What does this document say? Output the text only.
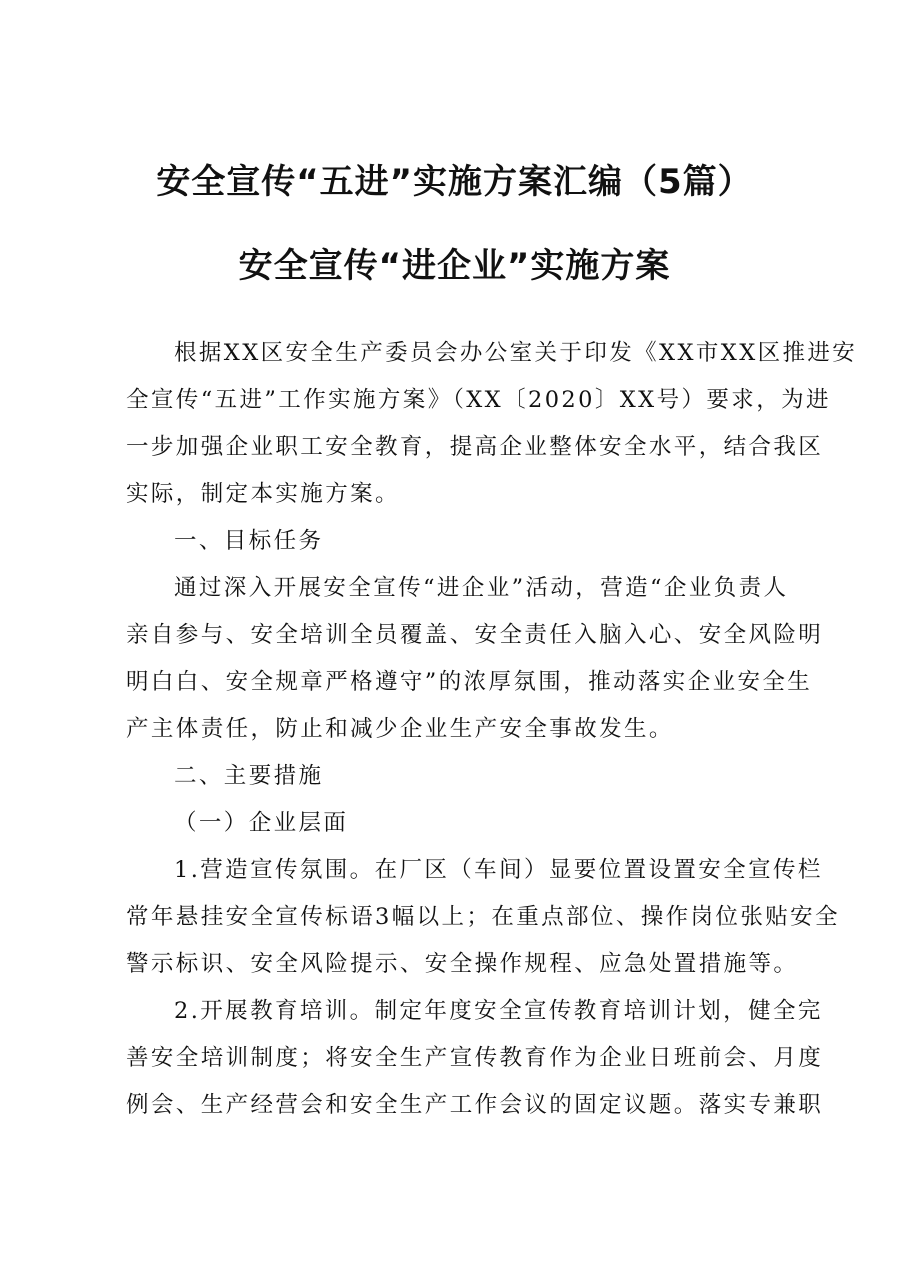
安全宣传“五进”实施方案汇编（5篇）
安全宣传“进企业”实施方案
根据XX区安全生产委员会办公室关于印发《XX市XX区推进安
全宣传“五进”工作实施方案》（XX〔2020〕XX号）要求，为进
一步加强企业职工安全教育，提高企业整体安全水平，结合我区
实际，制定本实施方案。
一、目标任务
通过深入开展安全宣传“进企业”活动，营造“企业负责人
亲自参与、安全培训全员覆盖、安全责任入脑入心、安全风险明
明白白、安全规章严格遵守”的浓厚氛围，推动落实企业安全生
产主体责任，防止和减少企业生产安全事故发生。
二、主要措施
（一）企业层面
1.营造宣传氛围。在厂区（车间）显要位置设置安全宣传栏
常年悬挂安全宣传标语3幅以上；在重点部位、操作岗位张贴安全
警示标识、安全风险提示、安全操作规程、应急处置措施等。
2.开展教育培训。制定年度安全宣传教育培训计划，健全完
善安全培训制度；将安全生产宣传教育作为企业日班前会、月度
例会、生产经营会和安全生产工作会议的固定议题。落实专兼职
